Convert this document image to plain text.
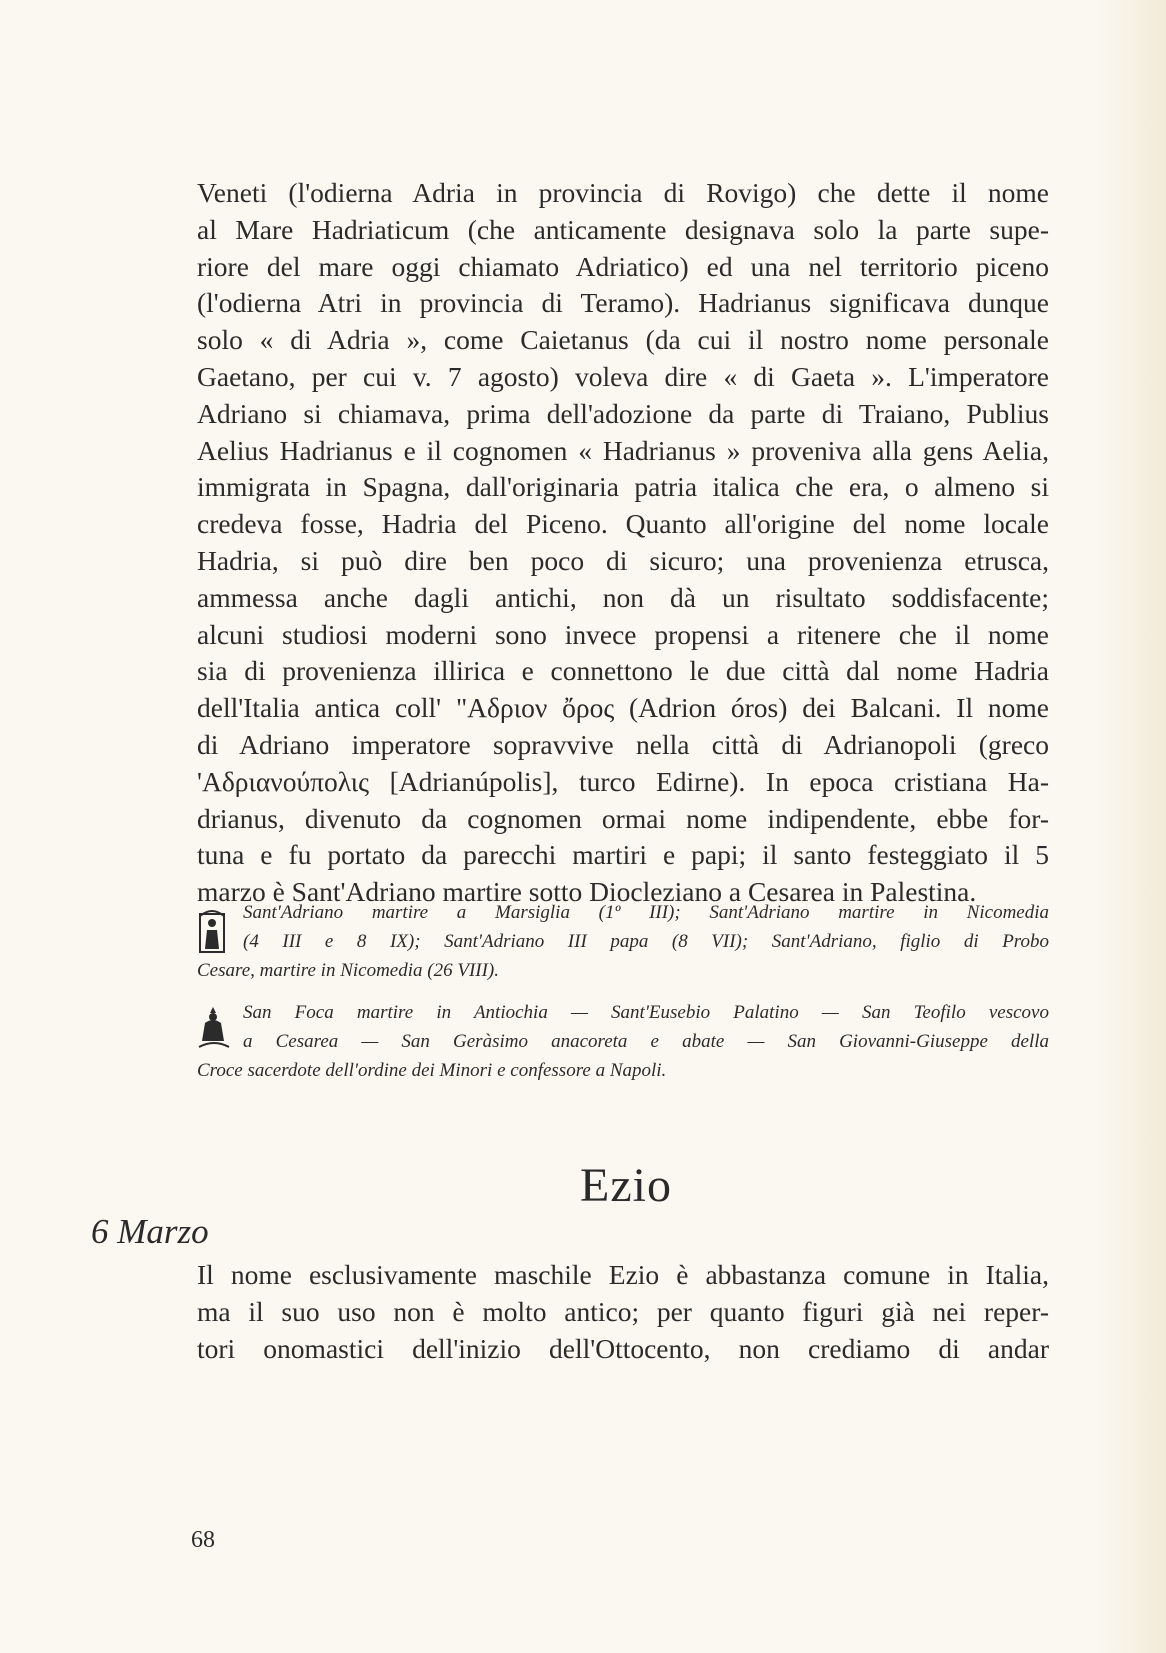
Veneti (l'odierna Adria in provincia di Rovigo) che dette il nome
al Mare Hadriaticum (che anticamente designava solo la parte supe-
riore del mare oggi chiamato Adriatico) ed una nel territorio piceno
(l'odierna Atri in provincia di Teramo). Hadrianus significava dunque
solo « di Adria », come Caietanus (da cui il nostro nome personale
Gaetano, per cui v. 7 agosto) voleva dire « di Gaeta ». L'imperatore
Adriano si chiamava, prima dell'adozione da parte di Traiano, Publius
Aelius Hadrianus e il cognomen « Hadrianus » proveniva alla gens Aelia,
immigrata in Spagna, dall'originaria patria italica che era, o almeno si
credeva fosse, Hadria del Piceno. Quanto all'origine del nome locale
Hadria, si può dire ben poco di sicuro; una provenienza etrusca,
ammessa anche dagli antichi, non dà un risultato soddisfacente;
alcuni studiosi moderni sono invece propensi a ritenere che il nome
sia di provenienza illirica e connettono le due città dal nome Hadria
dell'Italia antica coll' "Αδριον ὄρος (Adrion óros) dei Balcani. Il nome
di Adriano imperatore sopravvive nella città di Adrianopoli (greco
'Αδριανούπολις [Adrianúpolis], turco Edirne). In epoca cristiana Ha-
drianus, divenuto da cognomen ormai nome indipendente, ebbe for-
tuna e fu portato da parecchi martiri e papi; il santo festeggiato il 5
marzo è Sant'Adriano martire sotto Diocleziano a Cesarea in Palestina.
Sant'Adriano martire a Marsiglia (1º III); Sant'Adriano martire in Nicomedia
(4 III e 8 IX); Sant'Adriano III papa (8 VII); Sant'Adriano, figlio di Probo
Cesare, martire in Nicomedia (26 VIII).
San Foca martire in Antiochia — Sant'Eusebio Palatino — San Teofilo vescovo
a Cesarea — San Geràsimo anacoreta e abate — San Giovanni-Giuseppe della
Croce sacerdote dell'ordine dei Minori e confessore a Napoli.
Ezio
6 Marzo
Il nome esclusivamente maschile Ezio è abbastanza comune in Italia,
ma il suo uso non è molto antico; per quanto figuri già nei reper-
tori onomastici dell'inizio dell'Ottocento, non crediamo di andar
68
